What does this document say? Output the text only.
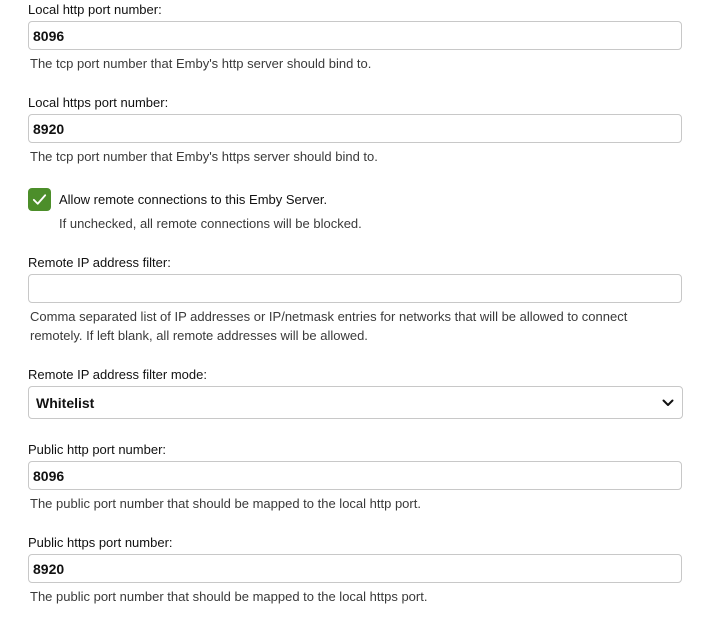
Local http port number:
8096
The tcp port number that Emby's http server should bind to.
Local https port number:
8920
The tcp port number that Emby's https server should bind to.
Allow remote connections to this Emby Server.
If unchecked, all remote connections will be blocked.
Remote IP address filter:
Comma separated list of IP addresses or IP/netmask entries for networks that will be allowed to connect remotely. If left blank, all remote addresses will be allowed.
Remote IP address filter mode:
Whitelist
Public http port number:
8096
The public port number that should be mapped to the local http port.
Public https port number:
8920
The public port number that should be mapped to the local https port.
